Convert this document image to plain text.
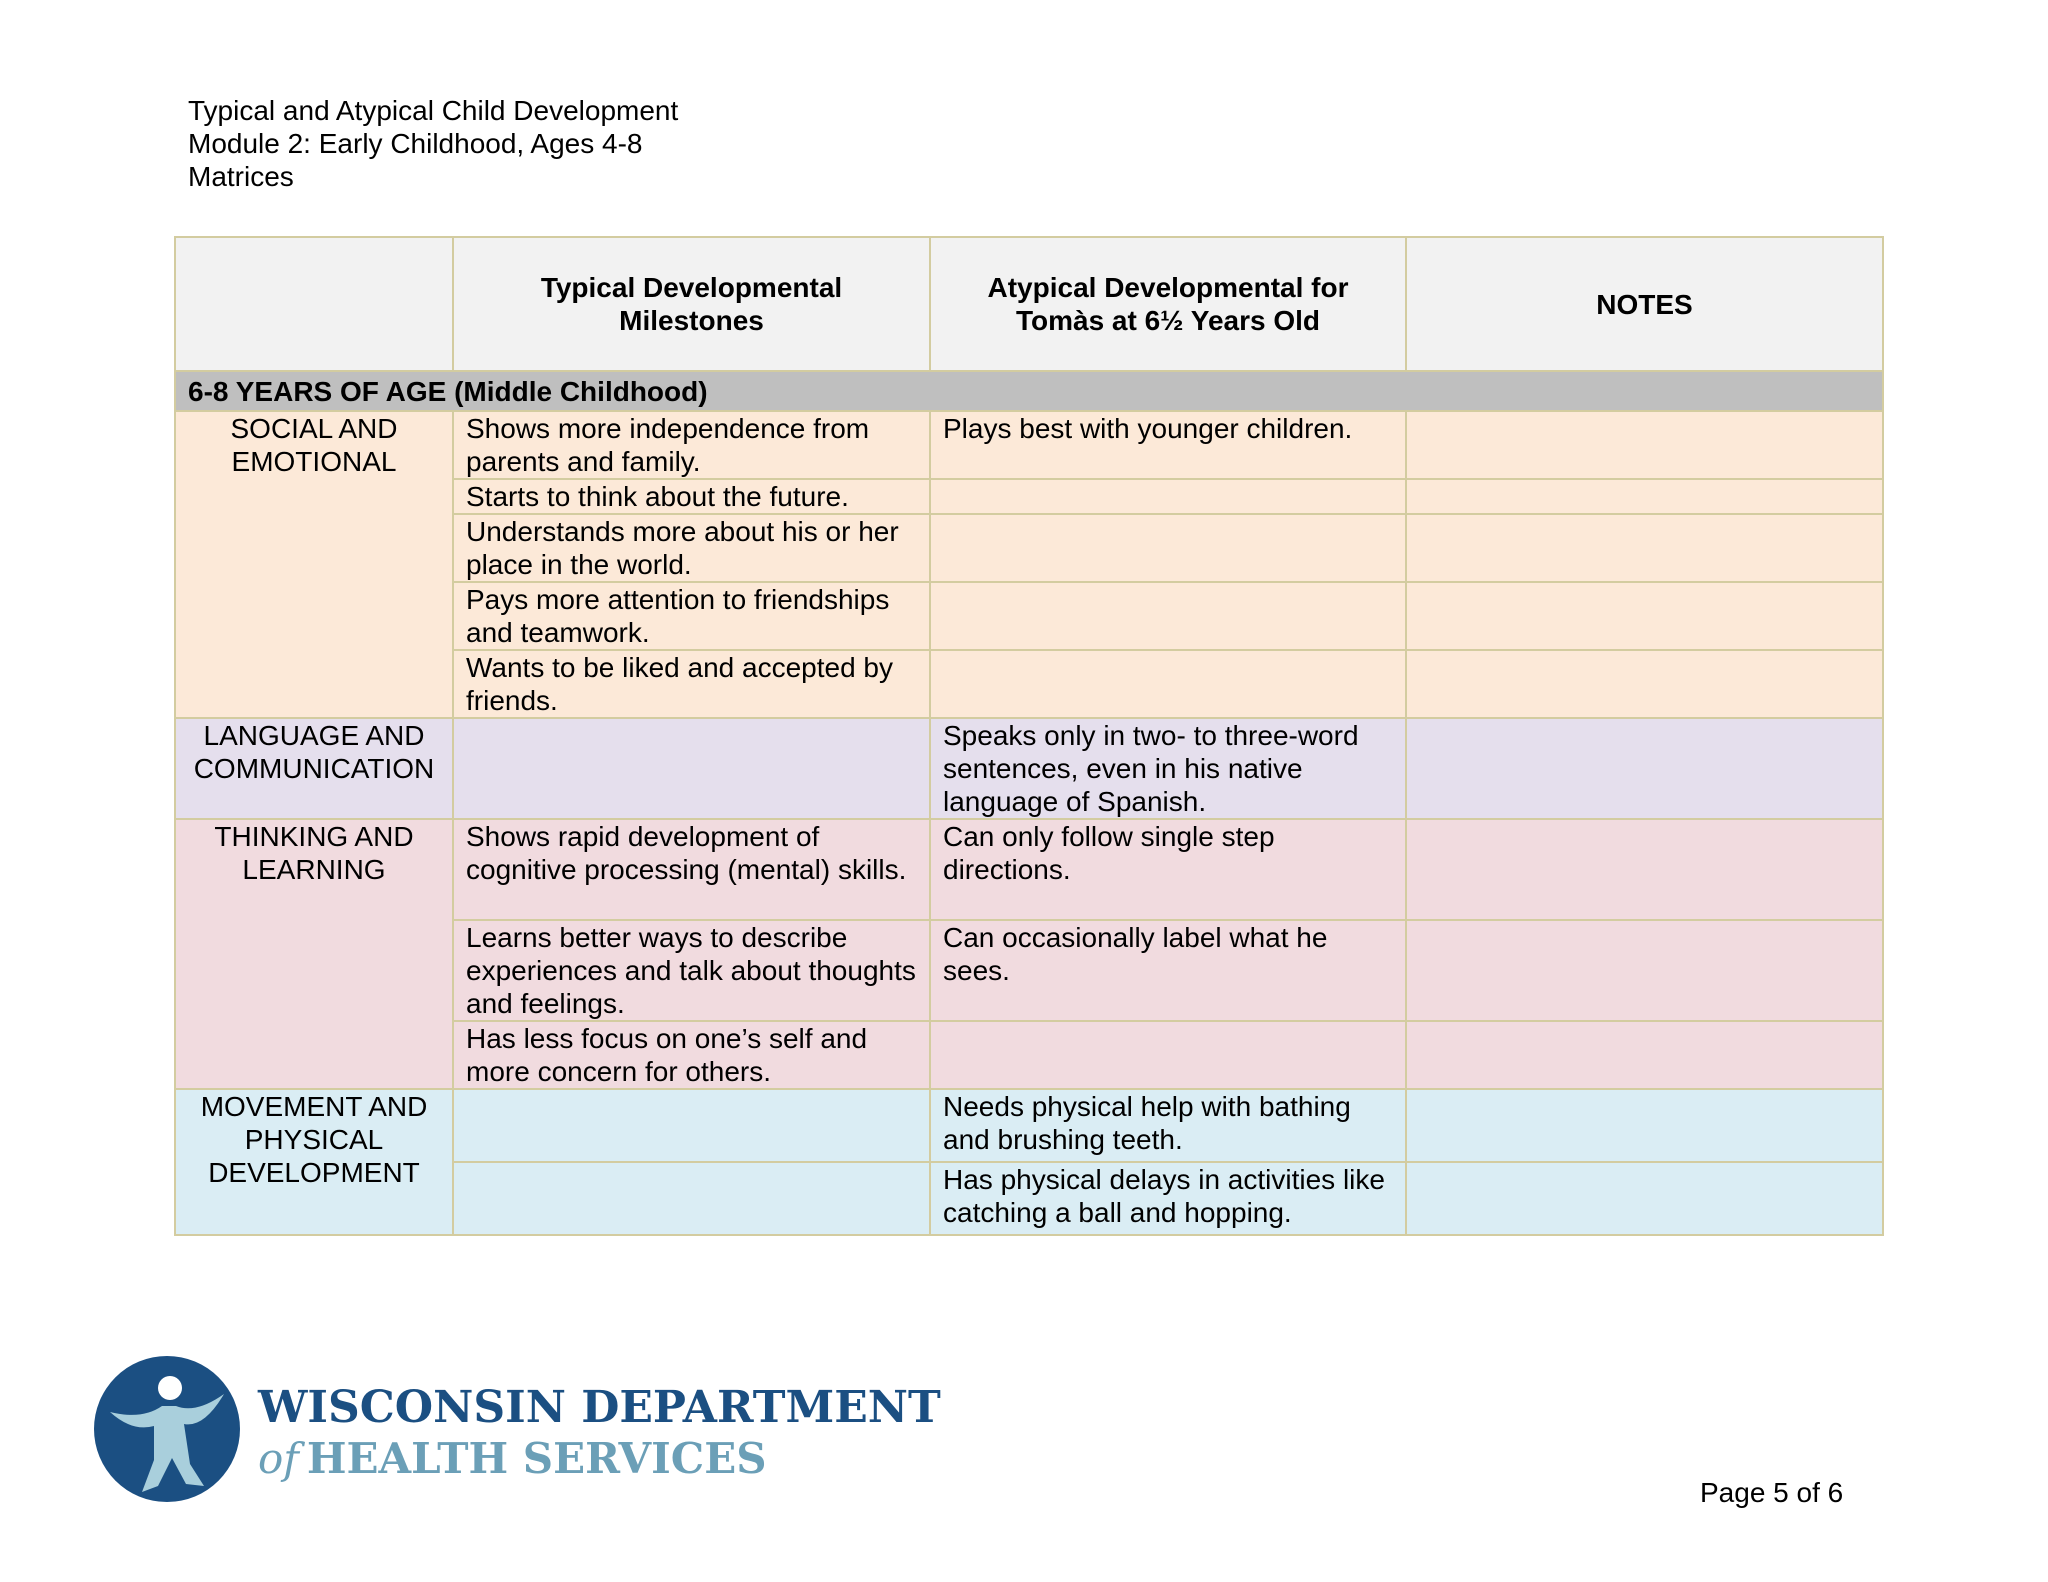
Typical and Atypical Child Development
Module 2: Early Childhood, Ages 4-8
Matrices
	Typical Developmental Milestones	Atypical Developmental for Tomàs at 6½ Years Old	NOTES
6-8 YEARS OF AGE (Middle Childhood)			
SOCIAL AND EMOTIONAL	Shows more independence from parents and family.	Plays best with younger children.	
	Starts to think about the future.		
	Understands more about his or her place in the world.		
	Pays more attention to friendships and teamwork.		
	Wants to be liked and accepted by friends.		
LANGUAGE AND COMMUNICATION		Speaks only in two- to three-word sentences, even in his native language of Spanish.	
THINKING AND LEARNING	Shows rapid development of cognitive processing (mental) skills.	Can only follow single step directions.	
	Learns better ways to describe experiences and talk about thoughts and feelings.	Can occasionally label what he sees.	
	Has less focus on one’s self and more concern for others.		
MOVEMENT AND PHYSICAL DEVELOPMENT		Needs physical help with bathing and brushing teeth.	
		Has physical delays in activities like catching a ball and hopping.	
WISCONSIN DEPARTMENT
of HEALTH SERVICES
Page 5 of 6
